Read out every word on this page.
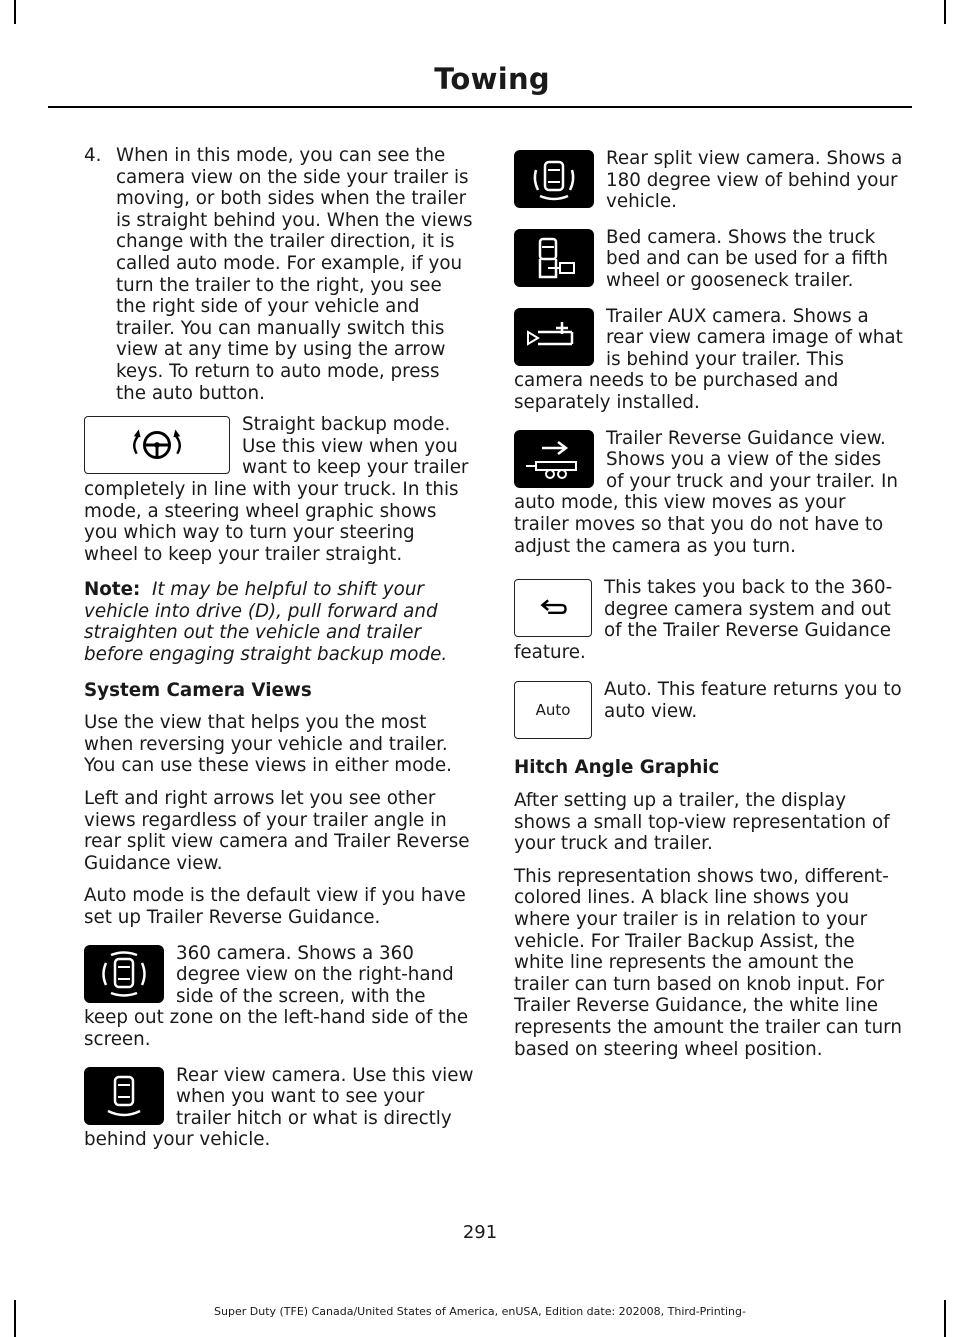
Towing
4. When in this mode, you can see the camera view on the side your trailer is moving, or both sides when the trailer is straight behind you. When the views change with the trailer direction, it is called auto mode. For example, if you turn the trailer to the right, you see the right side of your vehicle and trailer. You can manually switch this view at any time by using the arrow keys. To return to auto mode, press the auto button.
Straight backup mode. Use this view when you want to keep your trailer completely in line with your truck. In this mode, a steering wheel graphic shows you which way to turn your steering wheel to keep your trailer straight.

Note: It may be helpful to shift your vehicle into drive (D), pull forward and straighten out the vehicle and trailer before engaging straight backup mode.

System Camera Views

Use the view that helps you the most when reversing your vehicle and trailer. You can use these views in either mode.

Left and right arrows let you see other views regardless of your trailer angle in rear split view camera and Trailer Reverse Guidance view.

Auto mode is the default view if you have set up Trailer Reverse Guidance.

360 camera. Shows a 360 degree view on the right-hand side of the screen, with the keep out zone on the left-hand side of the screen.
Rear view camera. Use this view when you want to see your trailer hitch or what is directly behind your vehicle.
Rear split view camera. Shows a 180 degree view of behind your vehicle.
Bed camera. Shows the truck bed and can be used for a fifth wheel or gooseneck trailer.
Trailer AUX camera. Shows a rear view camera image of what is behind your trailer. This camera needs to be purchased and separately installed.
Trailer Reverse Guidance view. Shows you a view of the sides of your truck and your trailer. In auto mode, this view moves as your trailer moves so that you do not have to adjust the camera as you turn.
This takes you back to the 360-degree camera system and out of the Trailer Reverse Guidance feature.
Auto
Auto. This feature returns you to auto view.
Hitch Angle Graphic

After setting up a trailer, the display shows a small top-view representation of your truck and trailer.

This representation shows two, different-colored lines. A black line shows you where your trailer is in relation to your vehicle. For Trailer Backup Assist, the white line represents the amount the trailer can turn based on knob input. For Trailer Reverse Guidance, the white line represents the amount the trailer can turn based on steering wheel position.

291
Super Duty (TFE) Canada/United States of America, enUSA, Edition date: 202008, Third-Printing-
